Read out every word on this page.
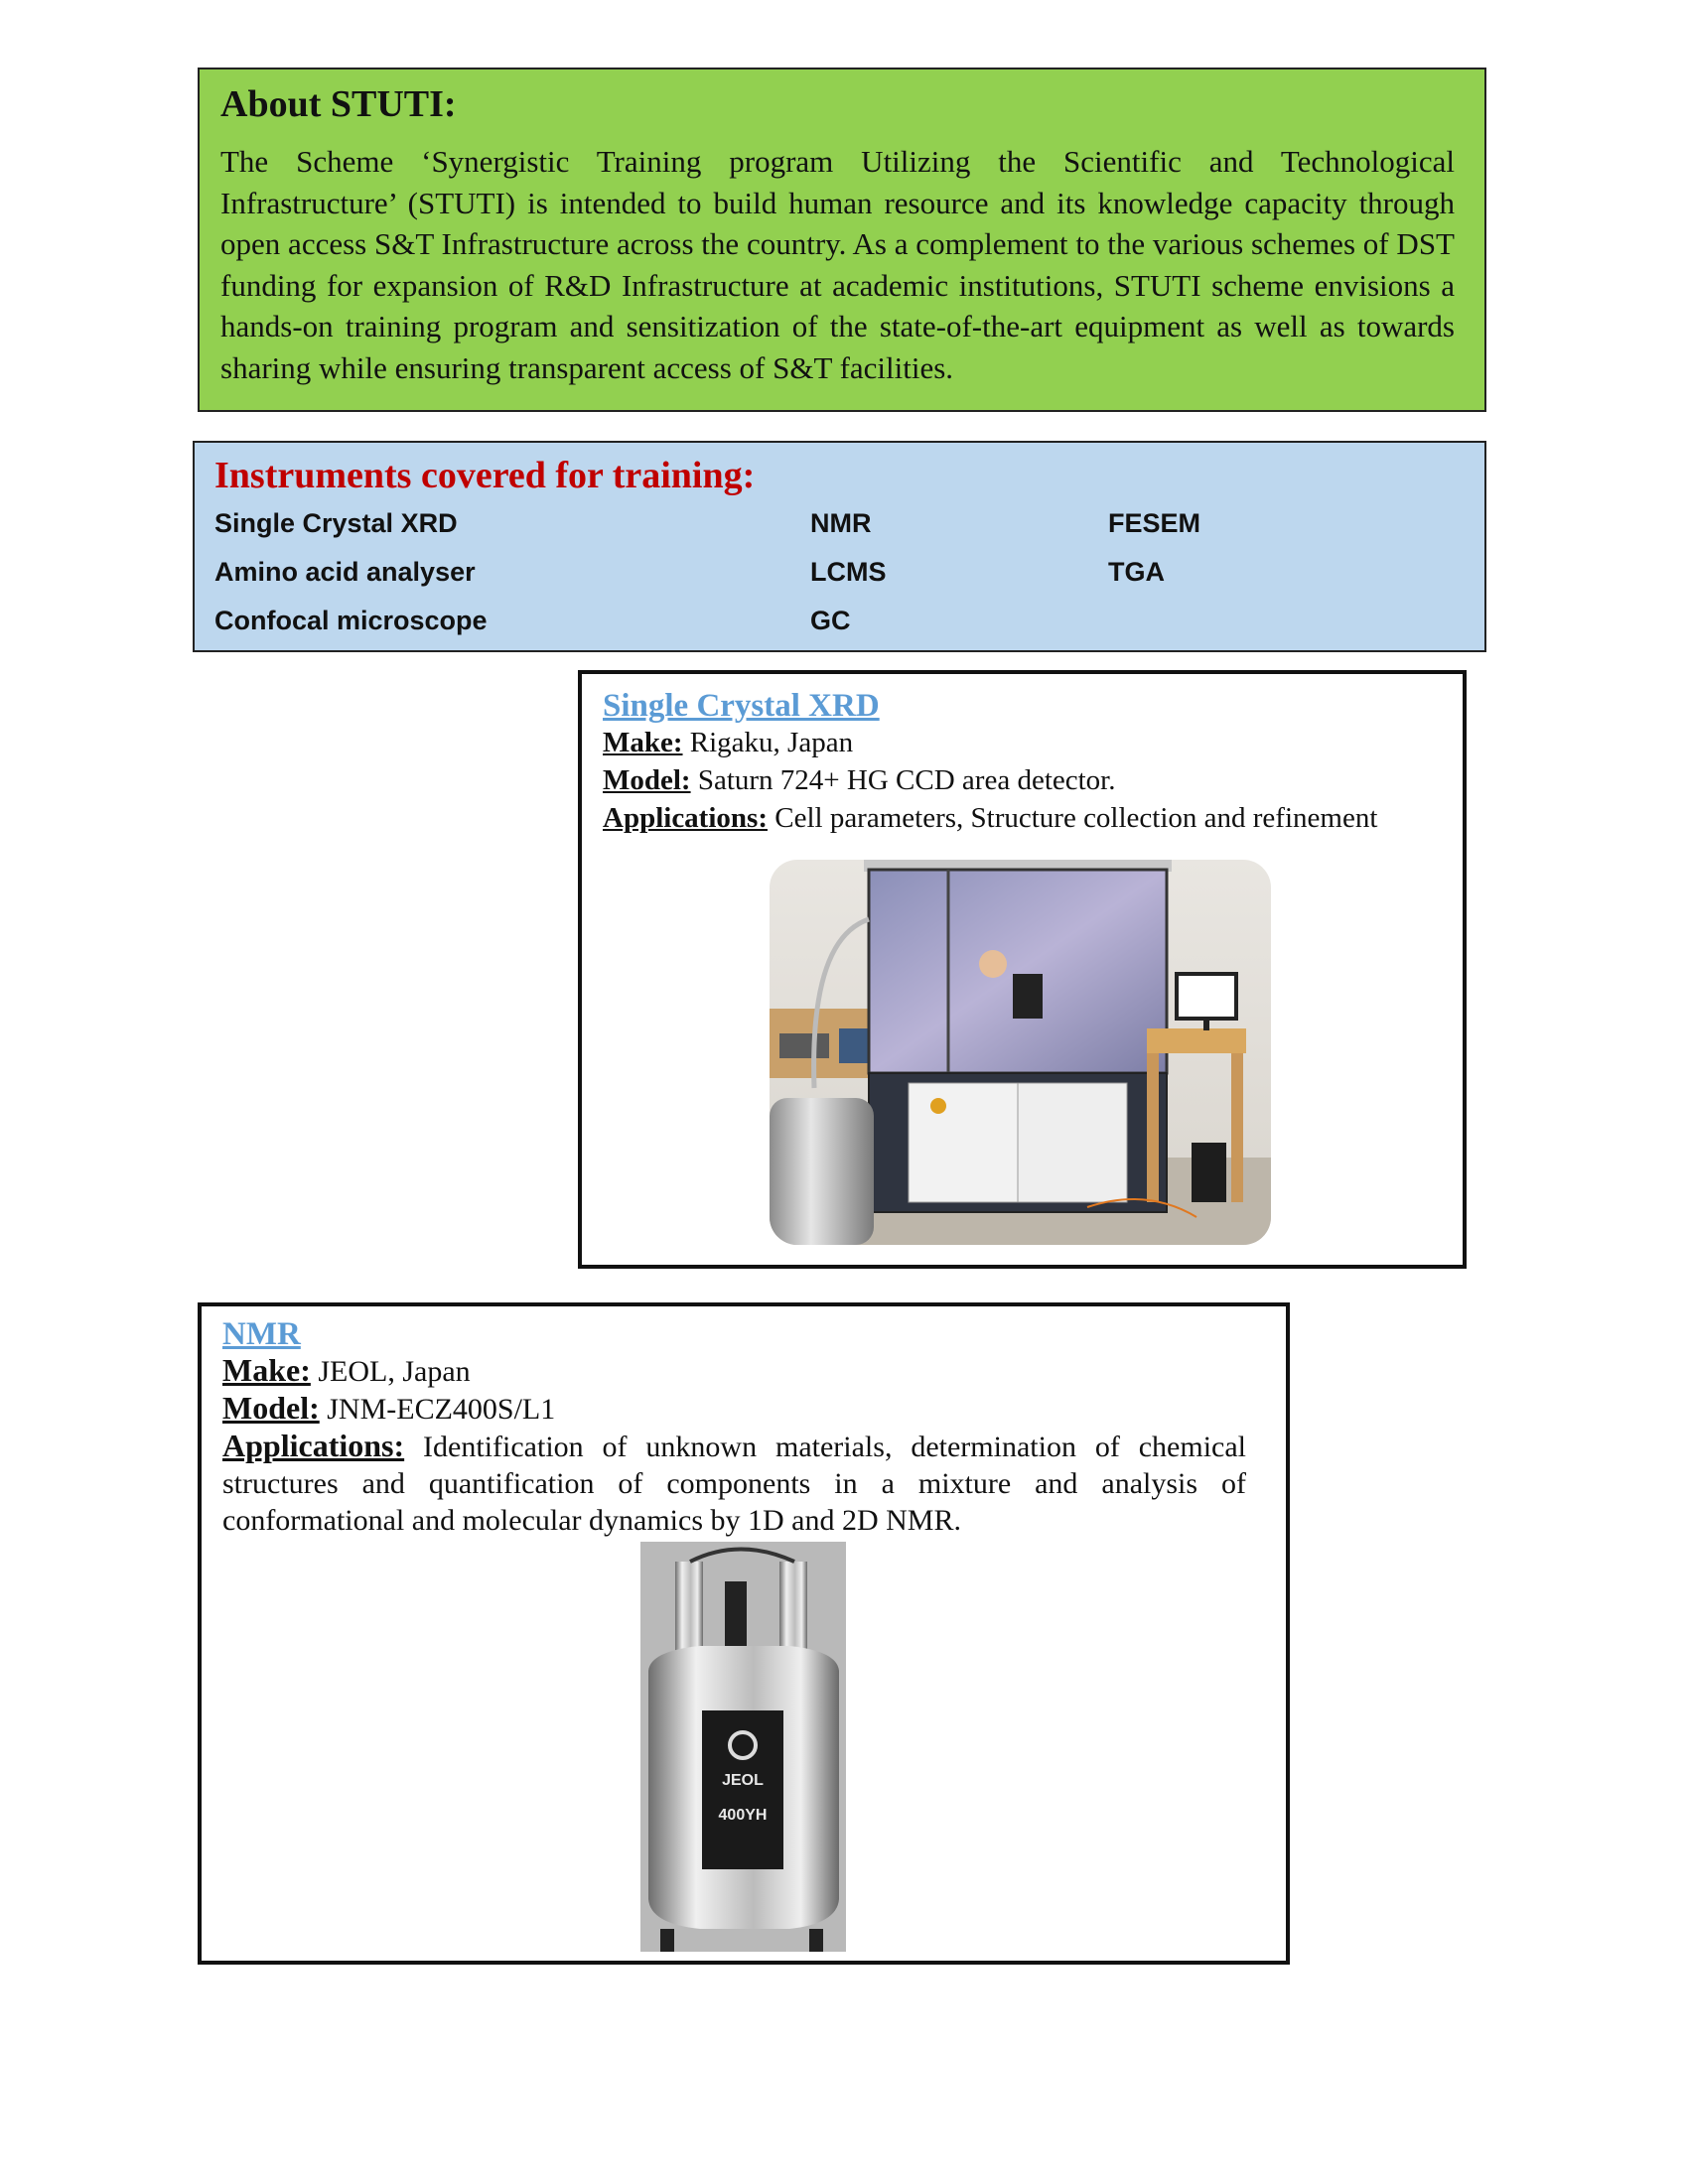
About STUTI:

The Scheme ‘Synergistic Training program Utilizing the Scientific and Technological Infrastructure’ (STUTI) is intended to build human resource and its knowledge capacity through open access S&T Infrastructure across the country. As a complement to the various schemes of DST funding for expansion of R&D Infrastructure at academic institutions, STUTI scheme envisions a hands-on training program and sensitization of the state-of-the-art equipment as well as towards sharing while ensuring transparent access of S&T facilities.

Instruments covered for training:
Single Crystal XRD	NMR	FESEM
Amino acid analyser	LCMS	TGA
Confocal microscope	GC
Single Crystal XRD
Make: Rigaku, Japan
Model: Saturn 724+ HG CCD area detector.
Applications: Cell parameters, Structure collection and refinement
NMR
Make: JEOL, Japan
Model: JNM-ECZ400S/L1
Applications: Identification of unknown materials, determination of chemical structures and quantification of components in a mixture and analysis of conformational and molecular dynamics by 1D and 2D NMR.
JEOL
400YH
